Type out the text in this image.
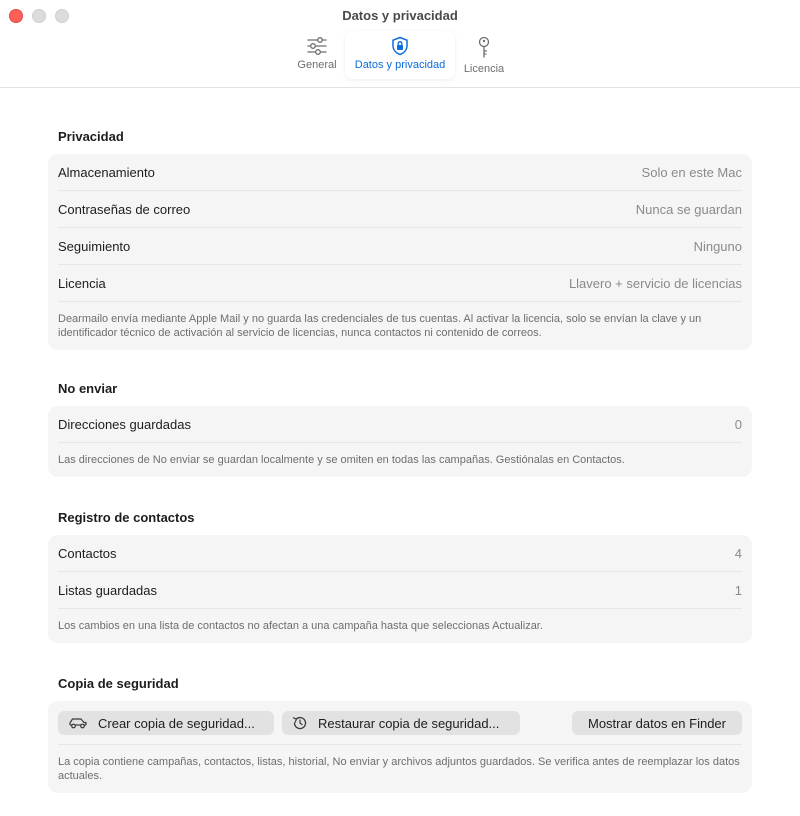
Datos y privacidad
General Datos y privacidad Licencia
Privacidad
Almacenamiento	Solo en este Mac
Contraseñas de correo	Nunca se guardan
Seguimiento	Ninguno
Licencia	Llavero + servicio de licencias
Dearmailo envía mediante Apple Mail y no guarda las credenciales de tus cuentas. Al activar la licencia, solo se envían la clave y un identificador técnico de activación al servicio de licencias, nunca contactos ni contenido de correos.
No enviar
Direcciones guardadas	0
Las direcciones de No enviar se guardan localmente y se omiten en todas las campañas. Gestiónalas en Contactos.
Registro de contactos
Contactos	4
Listas guardadas	1
Los cambios en una lista de contactos no afectan a una campaña hasta que seleccionas Actualizar.
Copia de seguridad
Crear copia de seguridad...	Restaurar copia de seguridad...	Mostrar datos en Finder
La copia contiene campañas, contactos, listas, historial, No enviar y archivos adjuntos guardados. Se verifica antes de reemplazar los datos actuales.
